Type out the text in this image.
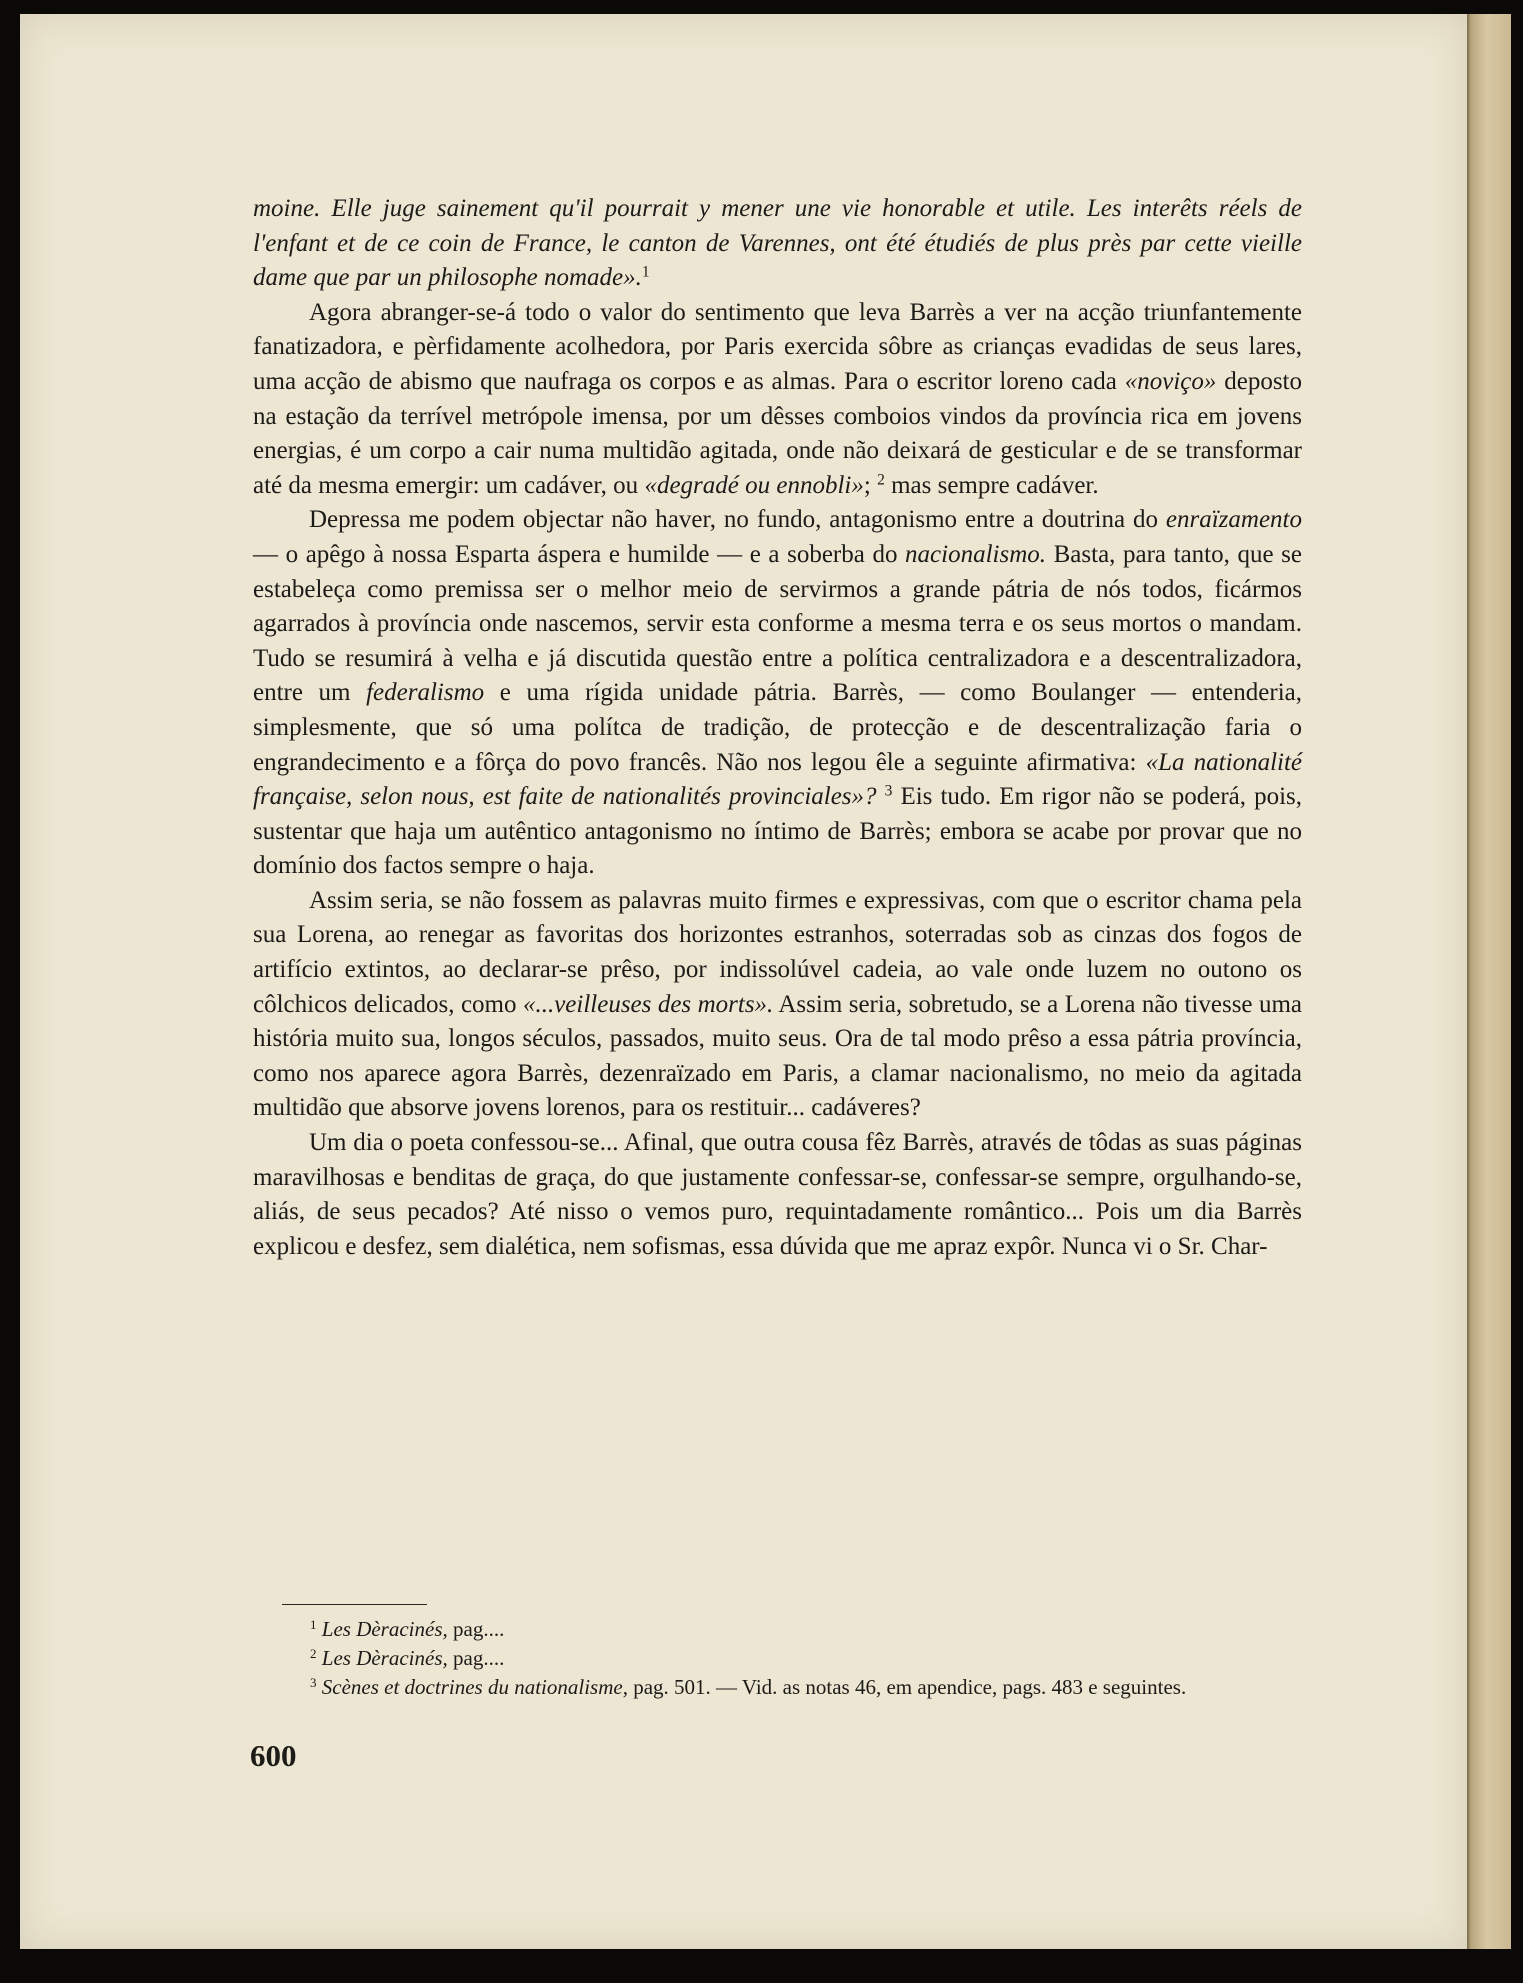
moine. Elle juge sainement qu'il pourrait y mener une vie honorable et utile. Les interêts réels de l'enfant et de ce coin de France, le canton de Varennes, ont été étudiés de plus près par cette vieille dame que par un philosophe nomade».$^1$

Agora abranger-se-á todo o valor do sentimento que leva Barrès a ver na acção triunfantemente fanatizadora, e pèrfidamente acolhedora, por Paris exercida sôbre as crianças evadidas de seus lares, uma acção de abismo que naufraga os corpos e as almas. Para o escritor loreno cada «noviço» deposto na estação da terrível metrópole imensa, por um dêsses comboios vindos da província rica em jovens energias, é um corpo a cair numa multidão agitada, onde não deixará de gesticular e de se transformar até da mesma emergir: um cadáver, ou «degradé ou ennobli»; $^2$ mas sempre cadáver.

Depressa me podem objectar não haver, no fundo, antagonismo entre a doutrina do enraïzamento — o apêgo à nossa Esparta áspera e humilde — e a soberba do nacionalismo. Basta, para tanto, que se estabeleça como premissa ser o melhor meio de servirmos a grande pátria de nós todos, ficármos agarrados à província onde nascemos, servir esta conforme a mesma terra e os seus mortos o mandam. Tudo se resumirá à velha e já discutida questão entre a política centralizadora e a descentralizadora, entre um federalismo e uma rígida unidade pátria. Barrès, — como Boulanger — entenderia, simplesmente, que só uma polítca de tradição, de protecção e de descentralização faria o engrandecimento e a fôrça do povo francês. Não nos legou êle a seguinte afirmativa: «La nationalité française, selon nous, est faite de nationalités provinciales»? $^3$ Eis tudo. Em rigor não se poderá, pois, sustentar que haja um autêntico antagonismo no íntimo de Barrès; embora se acabe por provar que no domínio dos factos sempre o haja.

Assim seria, se não fossem as palavras muito firmes e expressivas, com que o escritor chama pela sua Lorena, ao renegar as favoritas dos horizontes estranhos, soterradas sob as cinzas dos fogos de artifício extintos, ao declarar-se prêso, por indissolúvel cadeia, ao vale onde luzem no outono os côlchicos delicados, como «...veilleuses des morts». Assim seria, sobretudo, se a Lorena não tivesse uma história muito sua, longos séculos, passados, muito seus. Ora de tal modo prêso a essa pátria província, como nos aparece agora Barrès, dezenraïzado em Paris, a clamar nacionalismo, no meio da agitada multidão que absorve jovens lorenos, para os restituir... cadáveres?

Um dia o poeta confessou-se... Afinal, que outra cousa fêz Barrès, através de tôdas as suas páginas maravilhosas e benditas de graça, do que justamente confessar-se, confessar-se sempre, orgulhando-se, aliás, de seus pecados? Até nisso o vemos puro, requintadamente romântico... Pois um dia Barrès explicou e desfez, sem dialética, nem sofismas, essa dúvida que me apraz expôr. Nunca vi o Sr. Char-

$^1$ Les Dèracinés, pag....

$^2$ Les Dèracinés, pag....

$^3$ Scènes et doctrines du nationalisme, pag. 501. — Vid. as notas 46, em apendice, pags. 483 e seguintes.

600
